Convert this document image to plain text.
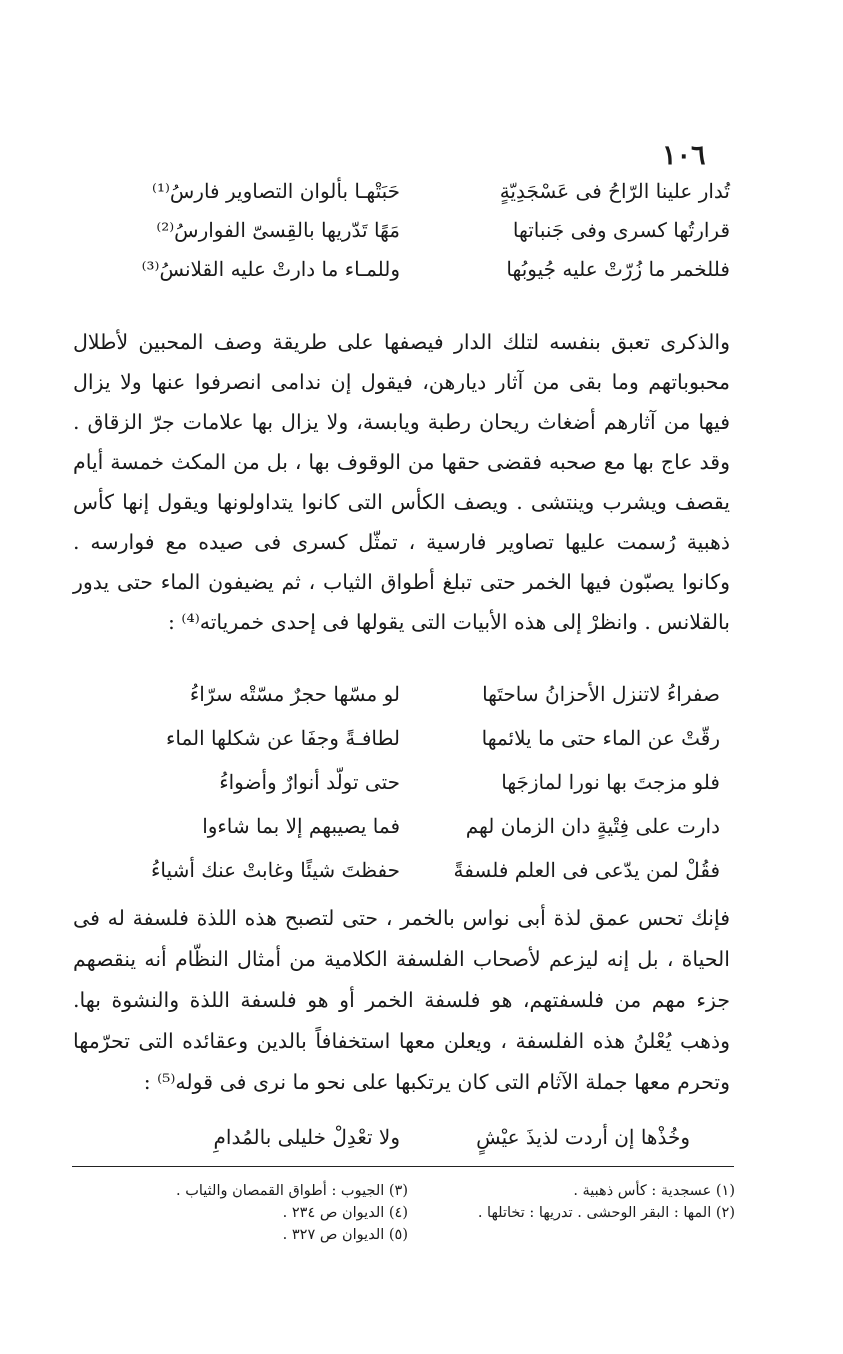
١٠٦
تُدار علينا الرّاحُ فى عَسْجَدِيّةٍ
حَبَتْهـا بألوان التصاوير فارسُ⁽¹⁾
قرارتُها كسرى وفى جَنباتها
مَهًا تَدّريها بالقِسىّ الفوارسُ⁽²⁾
فللخمر ما زُرّتْ عليه جُيوبُها
وللمـاء ما دارتْ عليه القلانسُ⁽³⁾

والذكرى تعبق بنفسه لتلك الدار فيصفها على طريقة وصف المحبين لأطلال محبوباتهم وما بقى من آثار ديارهن، فيقول إن ندامى انصرفوا عنها ولا يزال فيها من آثارهم أضغاث ريحان رطبة ويابسة، ولا يزال بها علامات جرّ الزقاق . وقد عاج بها مع صحبه فقضى حقها من الوقوف بها ، بل من المكث خمسة أيام يقصف ويشرب وينتشى . ويصف الكأس التى كانوا يتداولونها ويقول إنها كأس ذهبية رُسمت عليها تصاوير فارسية ، تمثّل كسرى فى صيده مع فوارسه . وكانوا يصبّون فيها الخمر حتى تبلغ أطواق الثياب ، ثم يضيفون الماء حتى يدور بالقلانس . وانظرْ إلى هذه الأبيات التى يقولها فى إحدى خمرياته⁽⁴⁾ :

صفراءُ لاتنزل الأحزانُ ساحتَها
لو مسّها حجرٌ مسّتْه سرّاءُ
رقّتْ عن الماء حتى ما يلائمها
لطافـةً وجفَا عن شكلها الماء
فلو مزجتَ بها نورا لمازجَها
حتى تولّد أنوارٌ وأضواءُ
دارت على فِتْيةٍ دان الزمان لهم
فما يصيبهم إلا بما شاءوا
فقُلْ لمن يدّعى فى العلم فلسفةً
حفظتَ شيئًا وغابتْ عنك أشياءُ

فإنك تحس عمق لذة أبى نواس بالخمر ، حتى لتصبح هذه اللذة فلسفة له فى الحياة ، بل إنه ليزعم لأصحاب الفلسفة الكلامية من أمثال النظّام أنه ينقصهم جزء مهم من فلسفتهم، هو فلسفة الخمر أو هو فلسفة اللذة والنشوة بها. وذهب يُعْلنُ هذه الفلسفة ، ويعلن معها استخفافاً بالدين وعقائده التى تحرّمها وتحرم معها جملة الآثام التى كان يرتكبها على نحو ما نرى فى قوله⁽⁵⁾ :

وخُذْها إن أردت لذيذَ عيْشٍ
ولا تعْدِلْ خليلى بالمُدامِ
(١) عسجدية : كأس ذهبية .
(٢) المها : البقر الوحشى . تدريها : تخاتلها .
(٣) الجيوب : أطواق القمصان والثياب .
(٤) الديوان ص ٢٣٤ .
(٥) الديوان ص ٣٢٧ .
